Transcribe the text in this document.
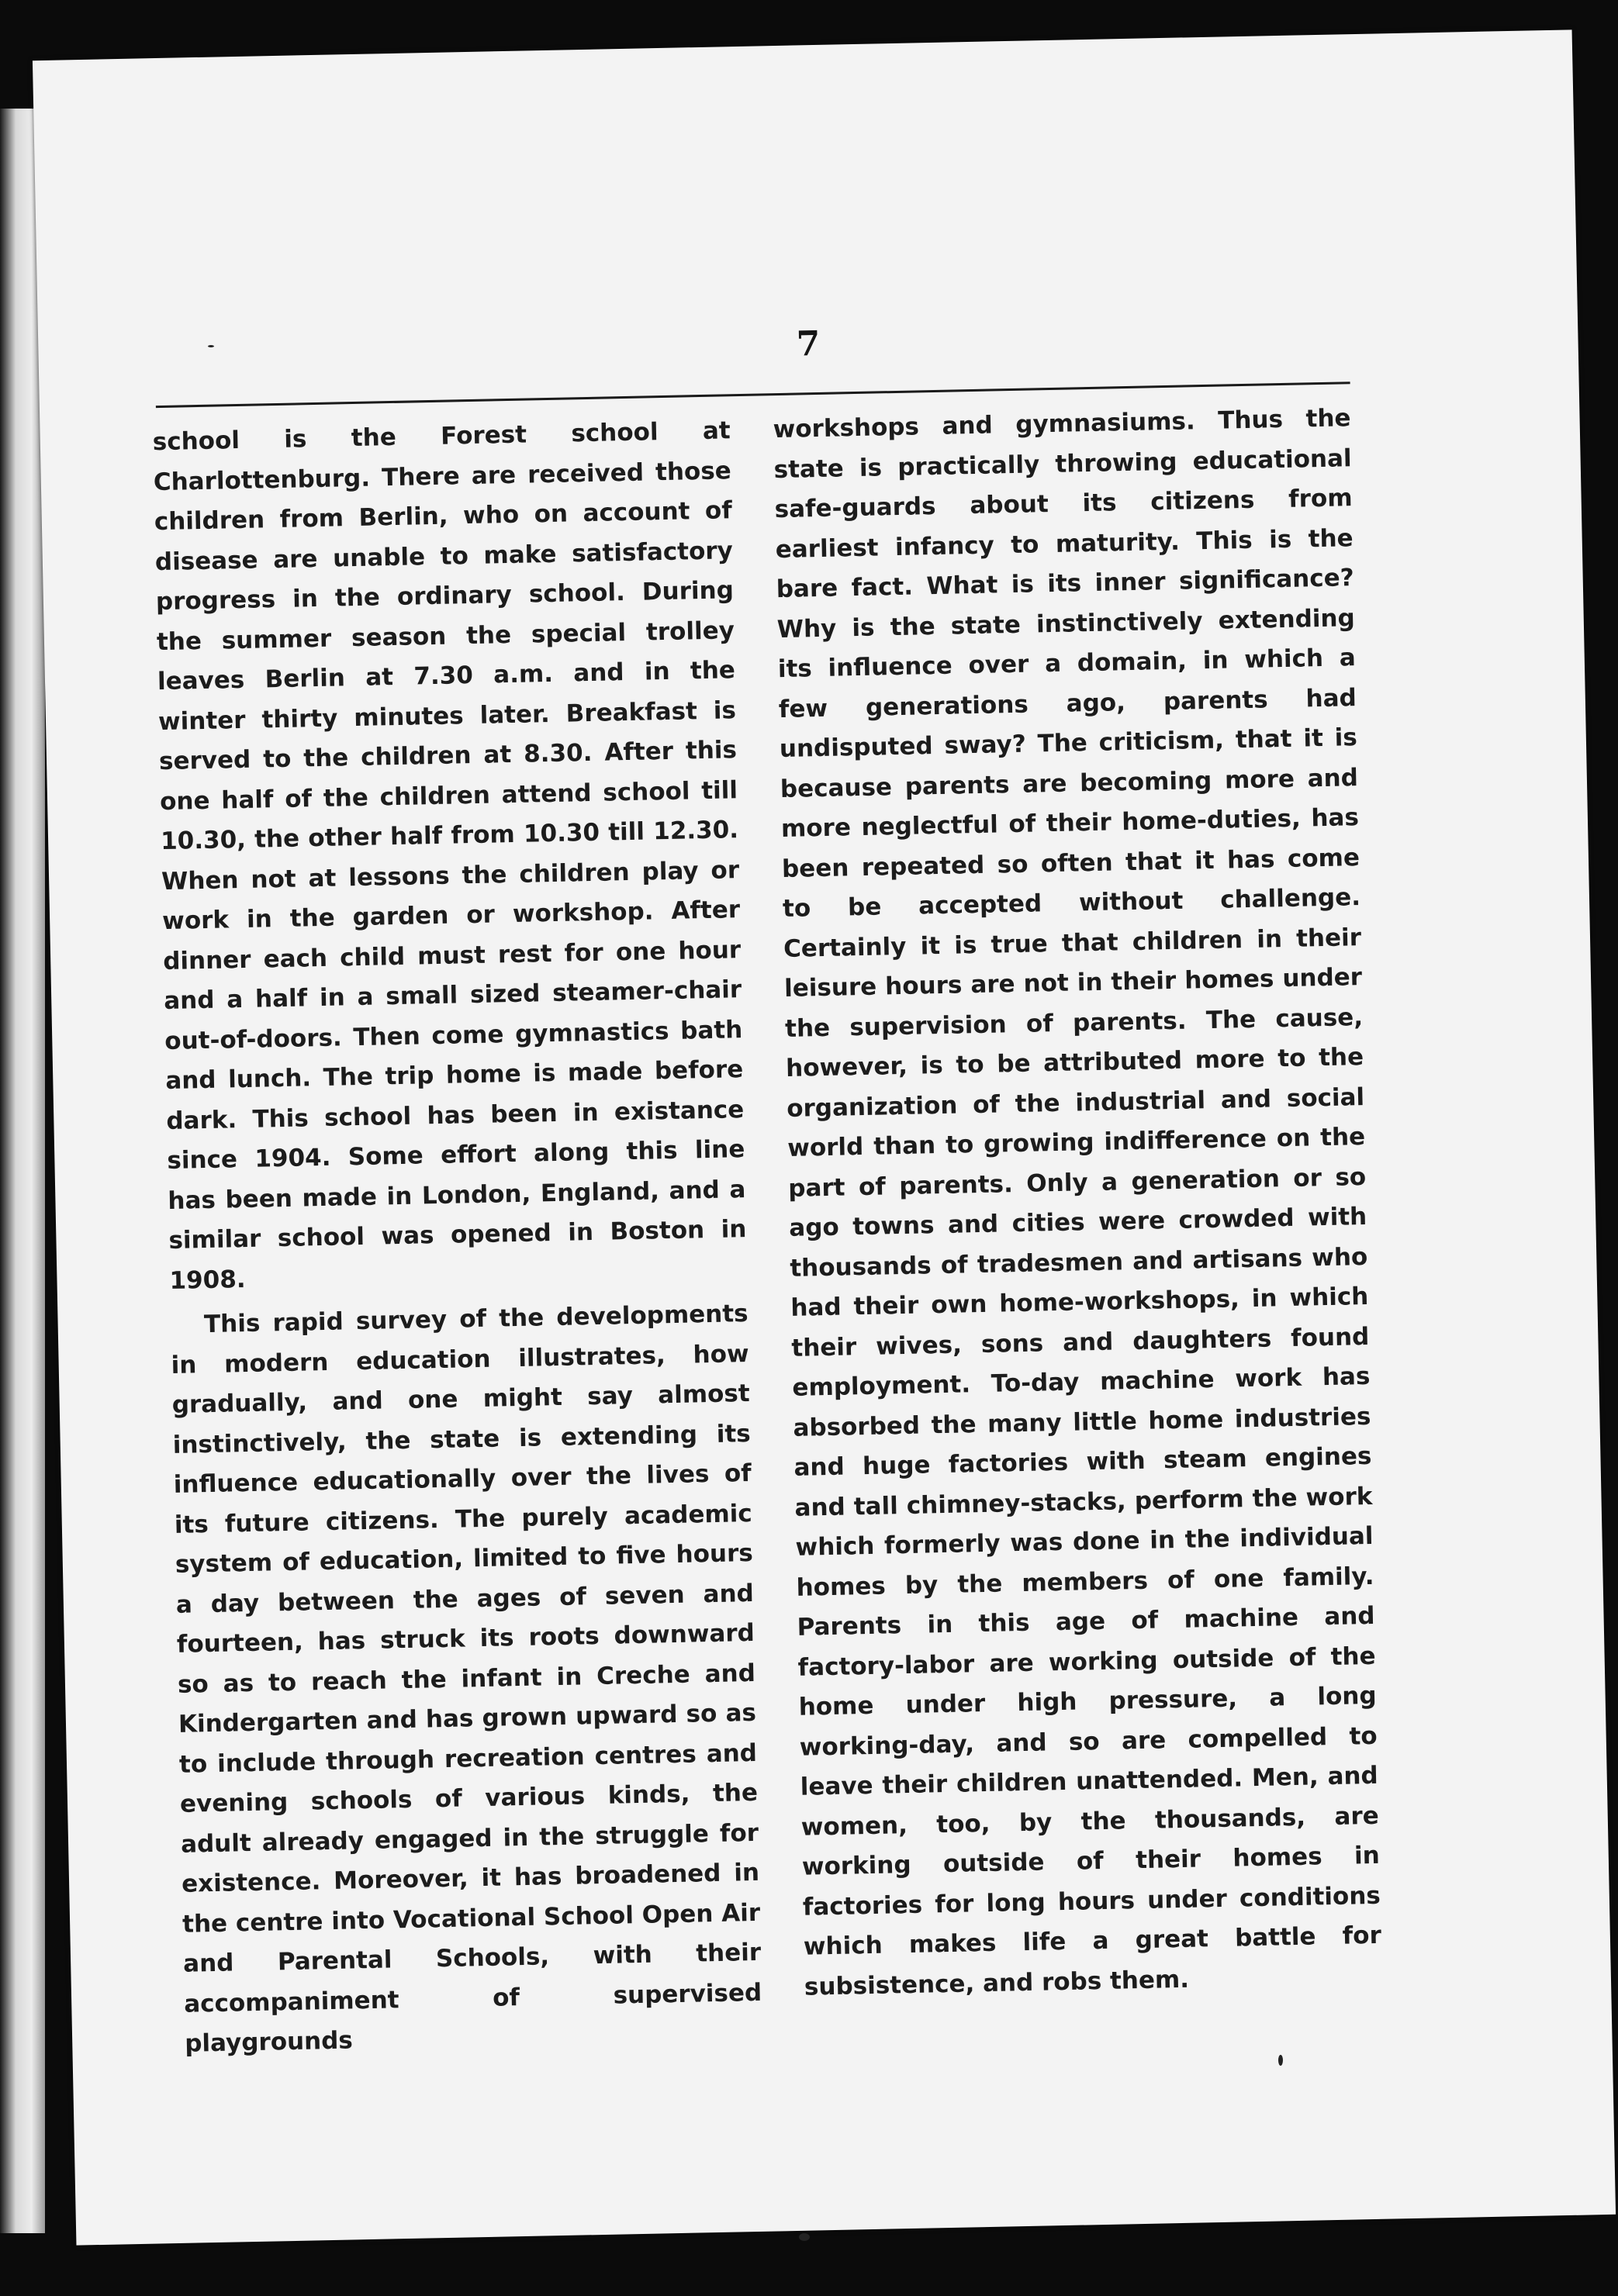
7

school is the Forest school at Charlottenburg. There are received those children from Berlin, who on account of disease are unable to make satisfactory progress in the ordinary school. During the summer season the special trolley leaves Berlin at 7.30 a.m. and in the winter thirty minutes later. Breakfast is served to the children at 8.30. After this one half of the children attend school till 10.30, the other half from 10.30 till 12.30. When not at lessons the children play or work in the garden or workshop. After dinner each child must rest for one hour and a half in a small sized steamer-chair out-of-doors. Then come gymnastics bath and lunch. The trip home is made before dark. This school has been in existance since 1904. Some effort along this line has been made in London, England, and a similar school was opened in Boston in 1908.

This rapid survey of the developments in modern education illustrates, how gradually, and one might say almost instinctively, the state is extending its influence educationally over the lives of its future citizens. The purely academic system of education, limited to five hours a day between the ages of seven and fourteen, has struck its roots downward so as to reach the infant in Creche and Kindergarten and has grown upward so as to include through recreation centres and evening schools of various kinds, the adult already engaged in the struggle for existence. Moreover, it has broadened in the centre into Vocational School Open Air and Parental Schools, with their accompaniment of supervised playgrounds

workshops and gymnasiums. Thus the state is practically throwing educational safe-guards about its citizens from earliest infancy to maturity. This is the bare fact. What is its inner significance? Why is the state instinctively extending its influence over a domain, in which a few generations ago, parents had undisputed sway? The criticism, that it is because parents are becoming more and more neglectful of their home-duties, has been repeated so often that it has come to be accepted without challenge. Certainly it is true that children in their leisure hours are not in their homes under the supervision of parents. The cause, however, is to be attributed more to the organization of the industrial and social world than to growing indifference on the part of parents. Only a generation or so ago towns and cities were crowded with thousands of tradesmen and artisans who had their own home-workshops, in which their wives, sons and daughters found employment. To-day machine work has absorbed the many little home industries and huge factories with steam engines and tall chimney-stacks, perform the work which formerly was done in the individual homes by the members of one family. Parents in this age of machine and factory-labor are working outside of the home under high pressure, a long working-day, and so are compelled to leave their children unattended. Men, and women, too, by the thousands, are working outside of their homes in factories for long hours under conditions which makes life a great battle for subsistence, and robs them.
